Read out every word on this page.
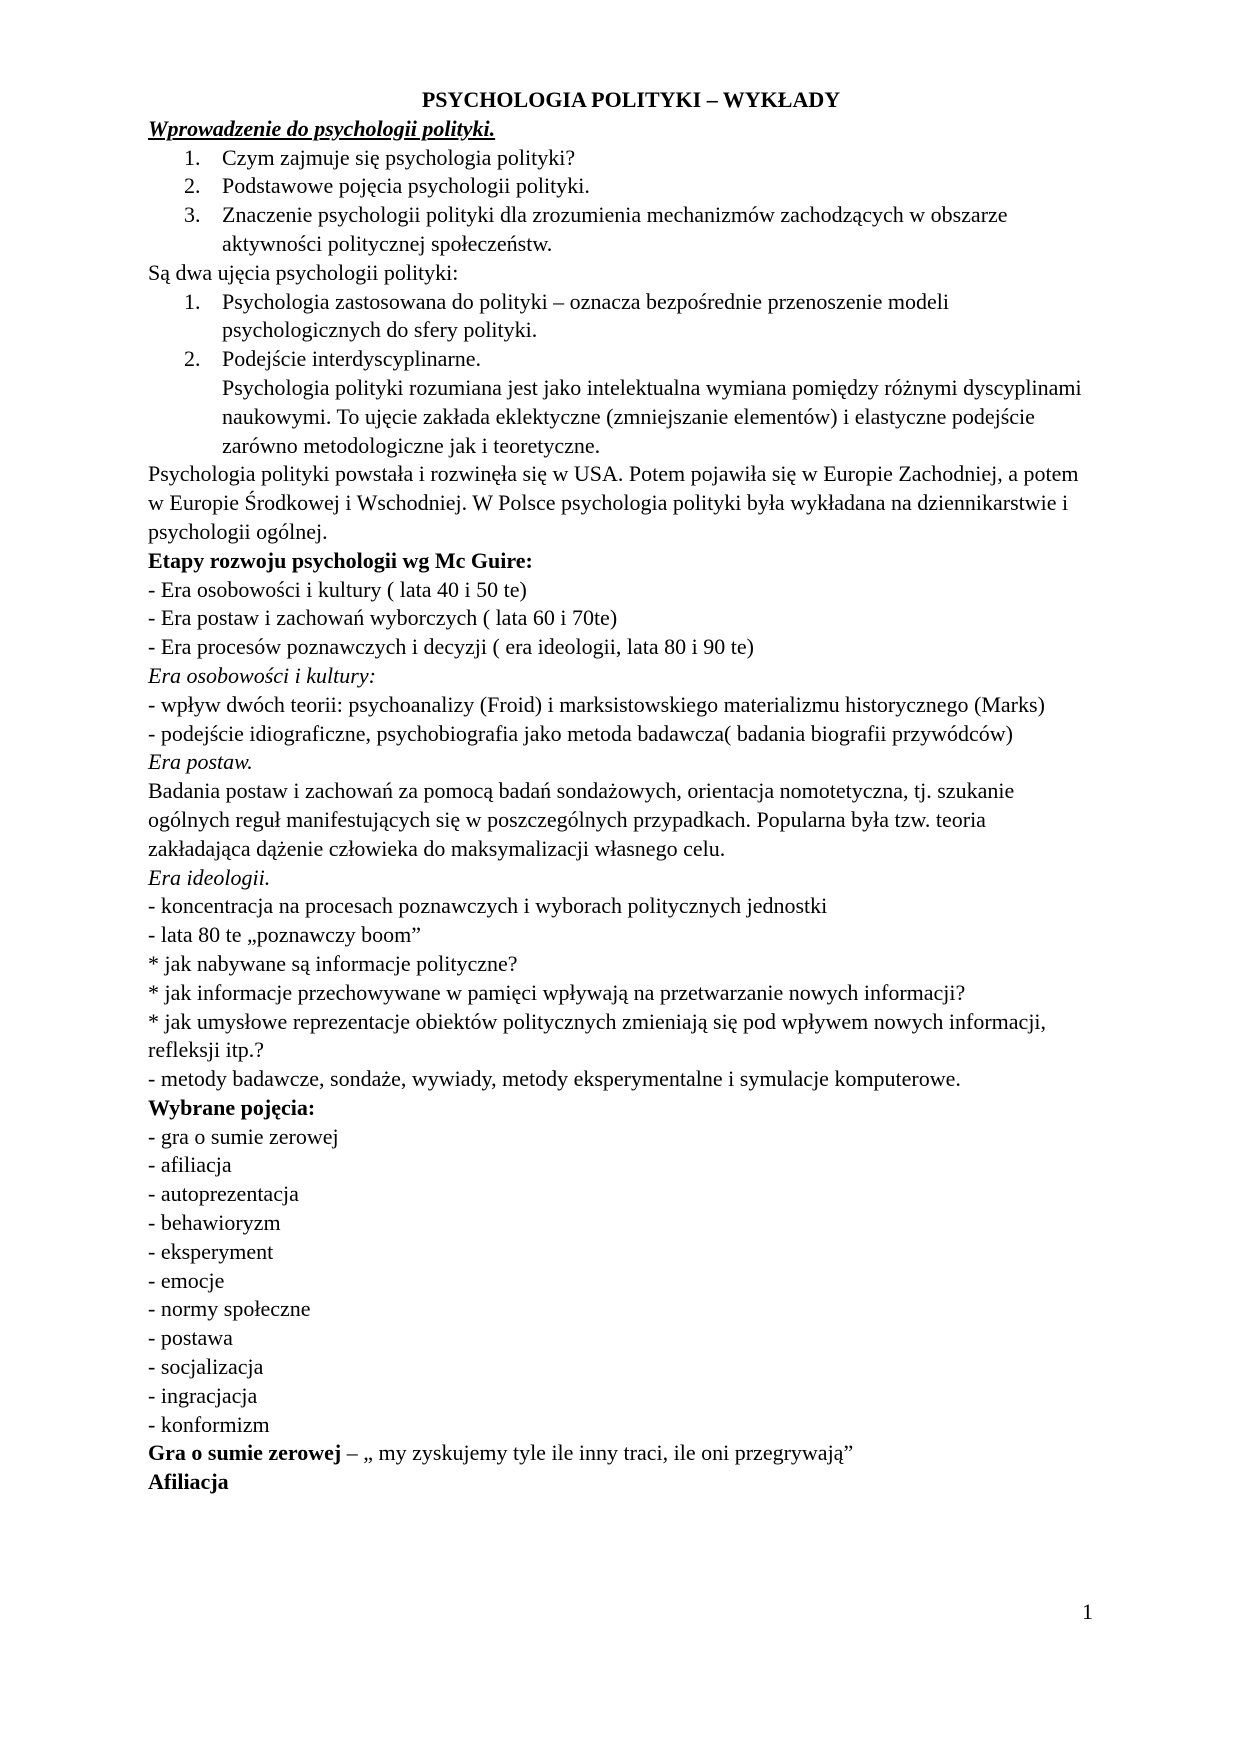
PSYCHOLOGIA POLITYKI – WYKŁADY

Wprowadzenie do psychologii polityki.

1. Czym zajmuje się psychologia polityki?
2. Podstawowe pojęcia psychologii polityki.
3. Znaczenie psychologii polityki dla zrozumienia mechanizmów zachodzących w obszarze aktywności politycznej społeczeństw.

Są dwa ujęcia psychologii polityki:

1. Psychologia zastosowana do polityki – oznacza bezpośrednie przenoszenie modeli psychologicznych do sfery polityki.
2. Podejście interdyscyplinarne.

Psychologia polityki rozumiana jest jako intelektualna wymiana pomiędzy różnymi dyscyplinami naukowymi. To ujęcie zakłada eklektyczne (zmniejszanie elementów) i elastyczne podejście zarówno metodologiczne jak i teoretyczne.

Psychologia polityki powstała i rozwinęła się w USA. Potem pojawiła się w Europie Zachodniej, a potem w Europie Środkowej i Wschodniej. W Polsce psychologia polityki była wykładana na dziennikarstwie i psychologii ogólnej.

Etapy rozwoju psychologii wg Mc Guire:

- Era osobowości i kultury ( lata 40 i 50 te)

- Era postaw i zachowań wyborczych ( lata 60 i 70te)

- Era procesów poznawczych i decyzji ( era ideologii, lata 80 i 90 te)

Era osobowości i kultury:

- wpływ dwóch teorii: psychoanalizy (Froid) i marksistowskiego materializmu historycznego (Marks)

- podejście idiograficzne, psychobiografia jako metoda badawcza( badania biografii przywódców)

Era postaw.

Badania postaw i zachowań za pomocą badań sondażowych, orientacja nomotetyczna, tj. szukanie ogólnych reguł manifestujących się w poszczególnych przypadkach. Popularna była tzw. teoria zakładająca dążenie człowieka do maksymalizacji własnego celu.

Era ideologii.

- koncentracja na procesach poznawczych i wyborach politycznych jednostki

- lata 80 te „poznawczy boom”

* jak nabywane są informacje polityczne?

* jak informacje przechowywane w pamięci wpływają na przetwarzanie nowych informacji?

* jak umysłowe reprezentacje obiektów politycznych zmieniają się pod wpływem nowych informacji, refleksji itp.?

- metody badawcze, sondaże, wywiady, metody eksperymentalne i symulacje komputerowe.

Wybrane pojęcia:

- gra o sumie zerowej

- afiliacja

- autoprezentacja

- behawioryzm

- eksperyment

- emocje

- normy społeczne

- postawa

- socjalizacja

- ingracjacja

- konformizm

Gra o sumie zerowej – „ my zyskujemy tyle ile inny traci, ile oni przegrywają”

Afiliacja

1
